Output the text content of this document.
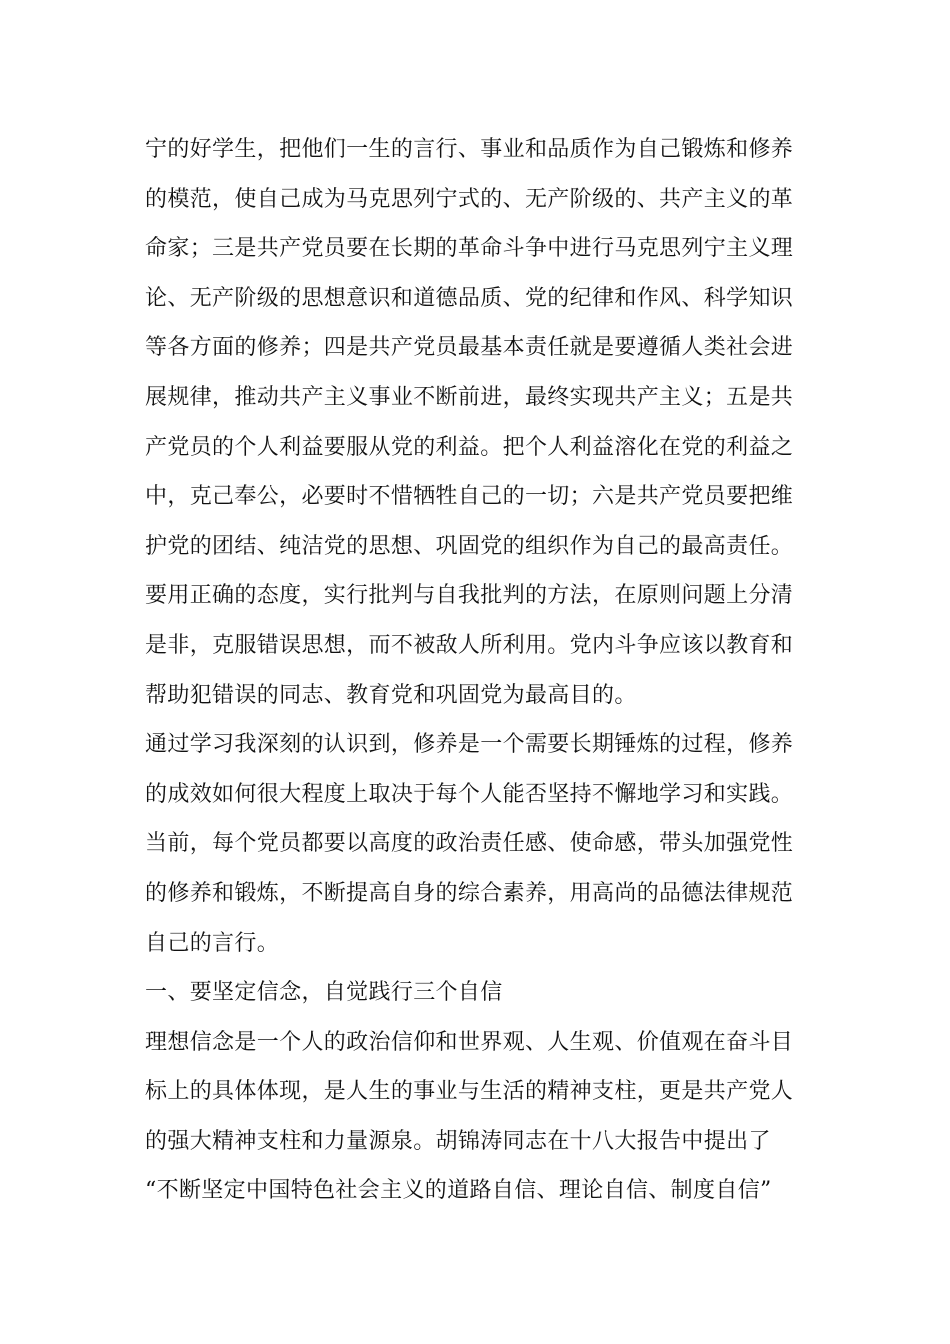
宁的好学生，把他们一生的言行、事业和品质作为自己锻炼和修养
的模范，使自己成为马克思列宁式的、无产阶级的、共产主义的革
命家；三是共产党员要在长期的革命斗争中进行马克思列宁主义理
论、无产阶级的思想意识和道德品质、党的纪律和作风、科学知识
等各方面的修养；四是共产党员最基本责任就是要遵循人类社会进
展规律，推动共产主义事业不断前进，最终实现共产主义；五是共
产党员的个人利益要服从党的利益。把个人利益溶化在党的利益之
中，克己奉公，必要时不惜牺牲自己的一切；六是共产党员要把维
护党的团结、纯洁党的思想、巩固党的组织作为自己的最高责任。
要用正确的态度，实行批判与自我批判的方法，在原则问题上分清
是非，克服错误思想，而不被敌人所利用。党内斗争应该以教育和
帮助犯错误的同志、教育党和巩固党为最高目的。
通过学习我深刻的认识到，修养是一个需要长期锤炼的过程，修养
的成效如何很大程度上取决于每个人能否坚持不懈地学习和实践。
当前，每个党员都要以高度的政治责任感、使命感，带头加强党性
的修养和锻炼，不断提高自身的综合素养，用高尚的品德法律规范
自己的言行。
一、要坚定信念，自觉践行三个自信
理想信念是一个人的政治信仰和世界观、人生观、价值观在奋斗目
标上的具体体现，是人生的事业与生活的精神支柱，更是共产党人
的强大精神支柱和力量源泉。胡锦涛同志在十八大报告中提出了
“不断坚定中国特色社会主义的道路自信、理论自信、制度自信”
